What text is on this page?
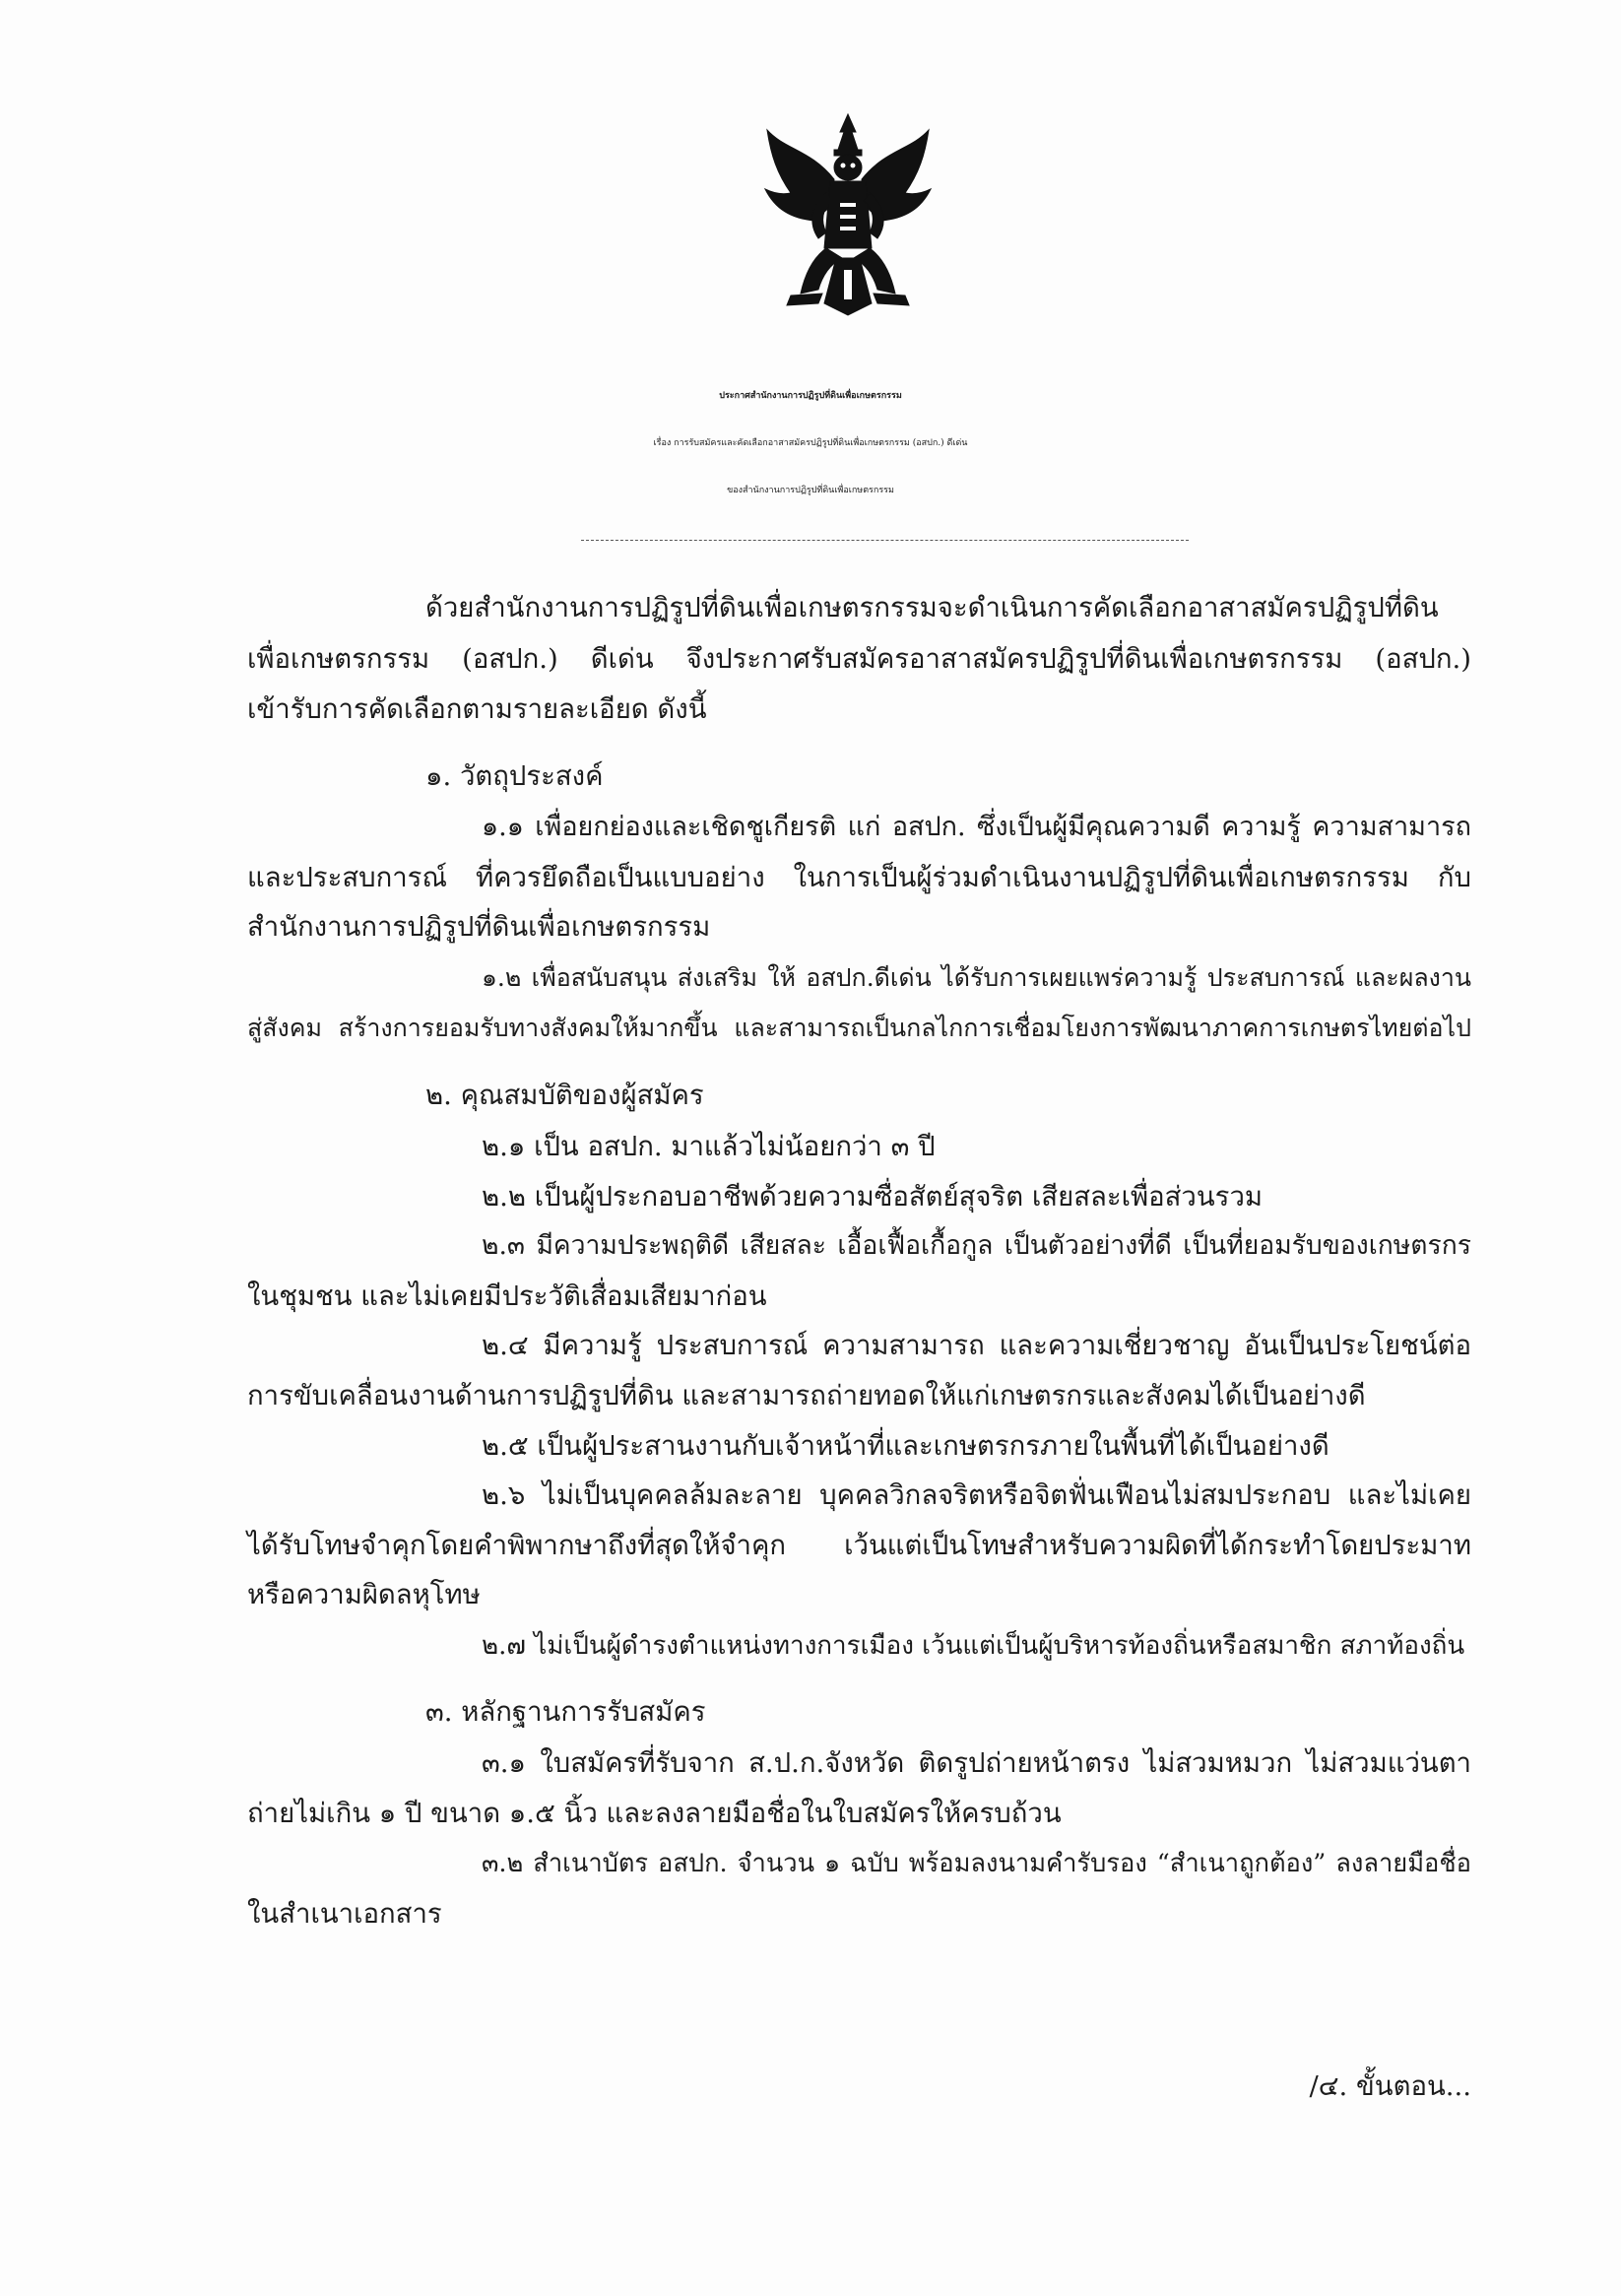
ประกาศสำนักงานการปฏิรูปที่ดินเพื่อเกษตรกรรม
เรื่อง การรับสมัครและคัดเลือกอาสาสมัครปฏิรูปที่ดินเพื่อเกษตรกรรม (อสปก.) ดีเด่น
ของสำนักงานการปฏิรูปที่ดินเพื่อเกษตรกรรม
ด้วยสำนักงานการปฏิรูปที่ดินเพื่อเกษตรกรรมจะดำเนินการคัดเลือกอาสาสมัครปฏิรูปที่ดิน
เพื่อเกษตรกรรม (อสปก.) ดีเด่น จึงประกาศรับสมัครอาสาสมัครปฏิรูปที่ดินเพื่อเกษตรกรรม (อสปก.)
เข้ารับการคัดเลือกตามรายละเอียด ดังนี้
๑. วัตถุประสงค์
๑.๑ เพื่อยกย่องและเชิดชูเกียรติ แก่ อสปก. ซึ่งเป็นผู้มีคุณความดี ความรู้ ความสามารถ
และประสบการณ์ ที่ควรยึดถือเป็นแบบอย่าง ในการเป็นผู้ร่วมดำเนินงานปฏิรูปที่ดินเพื่อเกษตรกรรม กับ
สำนักงานการปฏิรูปที่ดินเพื่อเกษตรกรรม
๑.๒ เพื่อสนับสนุน ส่งเสริม ให้ อสปก.ดีเด่น ได้รับการเผยแพร่ความรู้ ประสบการณ์ และผลงาน
สู่สังคม สร้างการยอมรับทางสังคมให้มากขึ้น และสามารถเป็นกลไกการเชื่อมโยงการพัฒนาภาคการเกษตรไทยต่อไป
๒. คุณสมบัติของผู้สมัคร
๒.๑ เป็น อสปก. มาแล้วไม่น้อยกว่า ๓ ปี
๒.๒ เป็นผู้ประกอบอาชีพด้วยความซื่อสัตย์สุจริต เสียสละเพื่อส่วนรวม
๒.๓ มีความประพฤติดี เสียสละ เอื้อเฟื้อเกื้อกูล เป็นตัวอย่างที่ดี เป็นที่ยอมรับของเกษตรกร
ในชุมชน และไม่เคยมีประวัติเสื่อมเสียมาก่อน
๒.๔ มีความรู้ ประสบการณ์ ความสามารถ และความเชี่ยวชาญ อันเป็นประโยชน์ต่อ
การขับเคลื่อนงานด้านการปฏิรูปที่ดิน และสามารถถ่ายทอดให้แก่เกษตรกรและสังคมได้เป็นอย่างดี
๒.๕ เป็นผู้ประสานงานกับเจ้าหน้าที่และเกษตรกรภายในพื้นที่ได้เป็นอย่างดี
๒.๖ ไม่เป็นบุคคลล้มละลาย บุคคลวิกลจริตหรือจิตฟั่นเฟือนไม่สมประกอบ และไม่เคย
ได้รับโทษจำคุกโดยคำพิพากษาถึงที่สุดให้จำคุก เว้นแต่เป็นโทษสำหรับความผิดที่ได้กระทำโดยประมาท
หรือความผิดลหุโทษ
๒.๗ ไม่เป็นผู้ดำรงตำแหน่งทางการเมือง เว้นแต่เป็นผู้บริหารท้องถิ่นหรือสมาชิก สภาท้องถิ่น
๓. หลักฐานการรับสมัคร
๓.๑ ใบสมัครที่รับจาก ส.ป.ก.จังหวัด ติดรูปถ่ายหน้าตรง ไม่สวมหมวก ไม่สวมแว่นตา
ถ่ายไม่เกิน ๑ ปี ขนาด ๑.๕ นิ้ว และลงลายมือชื่อในใบสมัครให้ครบถ้วน
๓.๒ สำเนาบัตร อสปก. จำนวน ๑ ฉบับ พร้อมลงนามคำรับรอง “สำเนาถูกต้อง” ลงลายมือชื่อ
ในสำเนาเอกสาร
/๔. ขั้นตอน...
